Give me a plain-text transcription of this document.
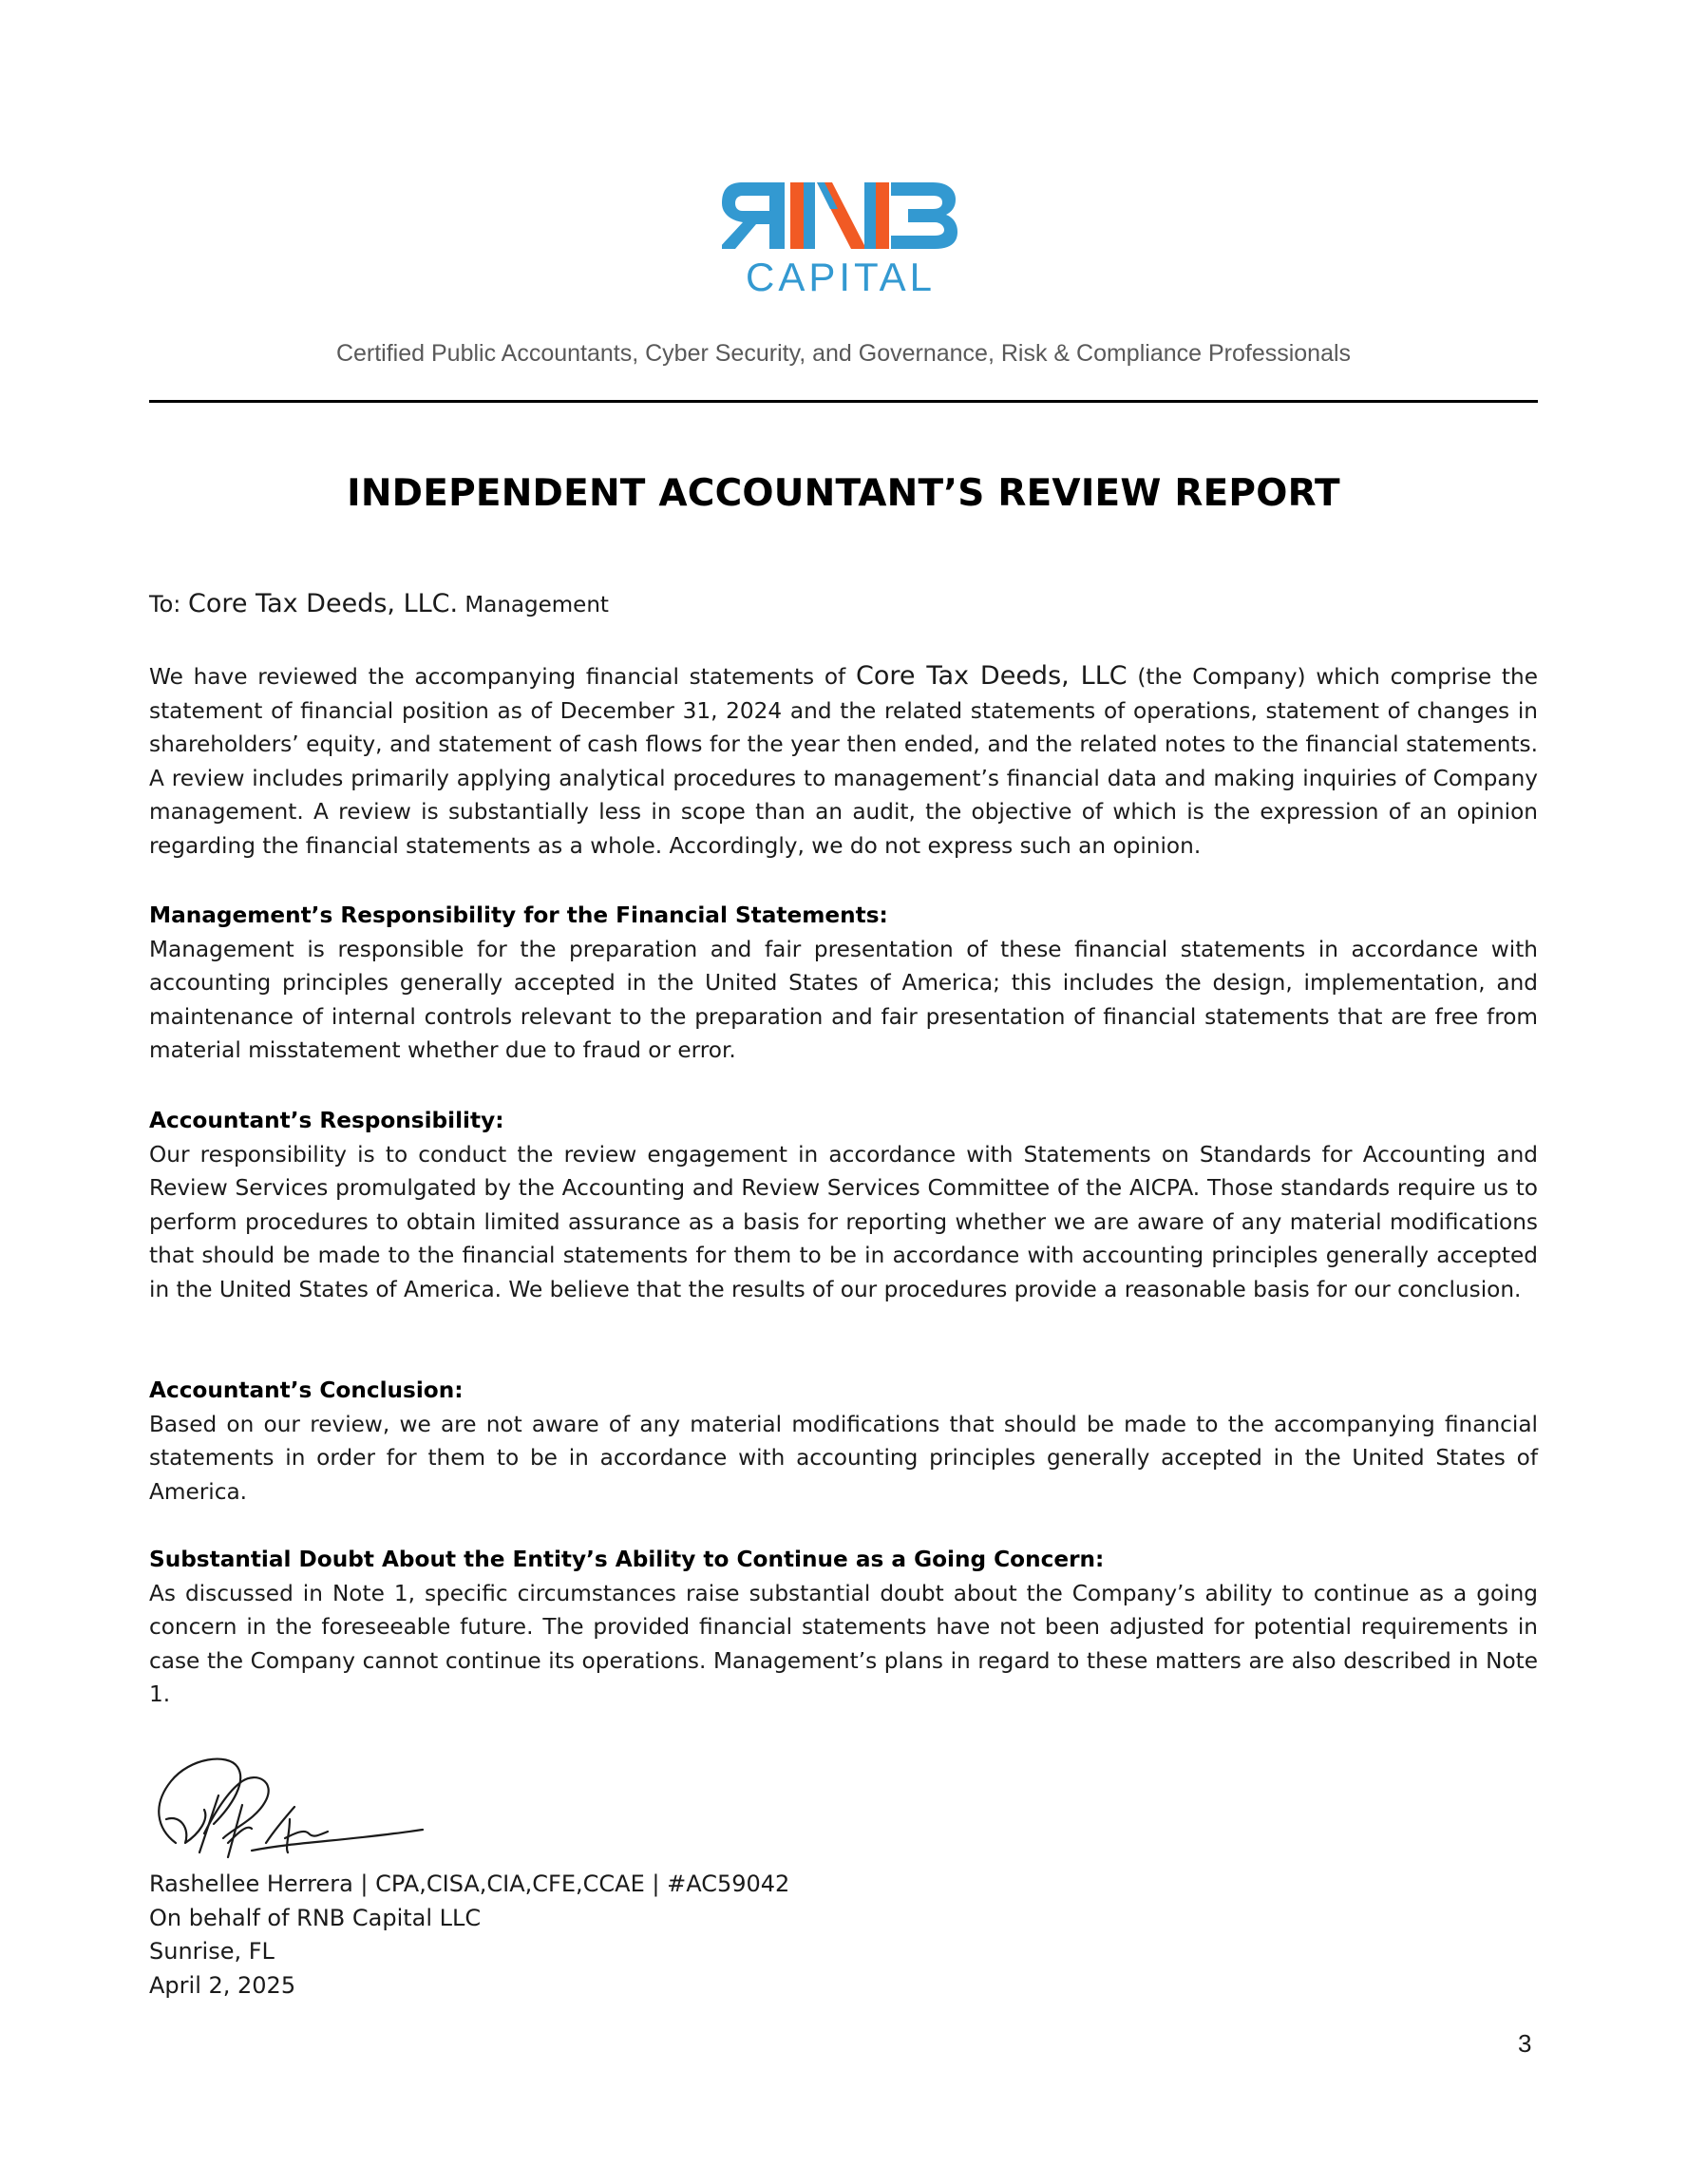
CAPITAL
Certified Public Accountants, Cyber Security, and Governance, Risk & Compliance Professionals
INDEPENDENT ACCOUNTANT’S REVIEW REPORT
To: Core Tax Deeds, LLC. Management

We have reviewed the accompanying financial statements of Core Tax Deeds, LLC (the Company) which comprise the statement of financial position as of December 31, 2024 and the related statements of operations, statement of changes in shareholders’ equity, and statement of cash flows for the year then ended, and the related notes to the financial statements. A review includes primarily applying analytical procedures to management’s financial data and making inquiries of Company management. A review is substantially less in scope than an audit, the objective of which is the expression of an opinion regarding the financial statements as a whole. Accordingly, we do not express such an opinion.

Management’s Responsibility for the Financial Statements:

Management is responsible for the preparation and fair presentation of these financial statements in accordance with accounting principles generally accepted in the United States of America; this includes the design, implementation, and maintenance of internal controls relevant to the preparation and fair presentation of financial statements that are free from material misstatement whether due to fraud or error.

Accountant’s Responsibility:

Our responsibility is to conduct the review engagement in accordance with Statements on Standards for Accounting and Review Services promulgated by the Accounting and Review Services Committee of the AICPA. Those standards require us to perform procedures to obtain limited assurance as a basis for reporting whether we are aware of any material modifications that should be made to the financial statements for them to be in accordance with accounting principles generally accepted in the United States of America. We believe that the results of our procedures provide a reasonable basis for our conclusion.

Accountant’s Conclusion:

Based on our review, we are not aware of any material modifications that should be made to the accompanying financial statements in order for them to be in accordance with accounting principles generally accepted in the United States of America.

Substantial Doubt About the Entity’s Ability to Continue as a Going Concern:

As discussed in Note 1, specific circumstances raise substantial doubt about the Company’s ability to continue as a going concern in the foreseeable future. The provided financial statements have not been adjusted for potential requirements in case the Company cannot continue its operations. Management’s plans in regard to these matters are also described in Note 1.

Rashellee Herrera | CPA,CISA,CIA,CFE,CCAE | #AC59042
On behalf of RNB Capital LLC
Sunrise, FL
April 2, 2025
3
